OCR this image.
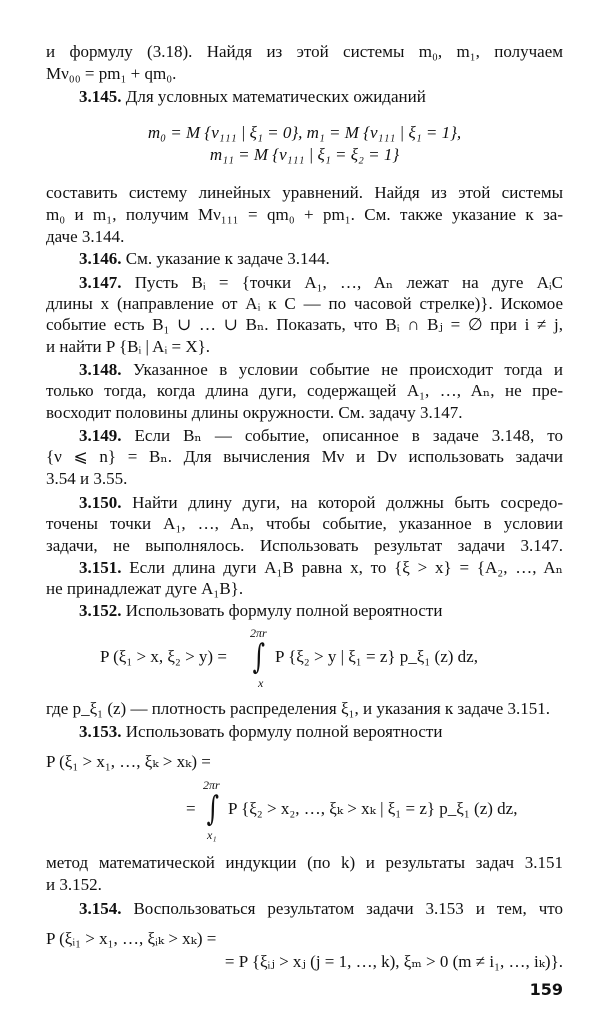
и формулу (3.18). Найдя из этой системы m₀, m₁, получаем
Mν₀₀ = pm₁ + qm₀.
3.145. Для условных математических ожиданий
m₀ = M {ν₁₁₁ | ξ₁ = 0}, m₁ = M {ν₁₁₁ | ξ₁ = 1},
m₁₁ = M {ν₁₁₁ | ξ₁ = ξ₂ = 1}
составить систему линейных уравнений. Найдя из этой системы
m₀ и m₁, получим Mν₁₁₁ = qm₀ + pm₁. См. также указание к за-
даче 3.144.
3.146. См. указание к задаче 3.144.
3.147. Пусть Bᵢ = {точки A₁, …, Aₙ лежат на дуге AᵢC
длины x (направление от Aᵢ к C — по часовой стрелке)}. Искомое
событие есть B₁ ∪ … ∪ Bₙ. Показать, что Bᵢ ∩ Bⱼ = ∅ при i ≠ j,
и найти P {Bᵢ | Aᵢ = X}.
3.148. Указанное в условии событие не происходит тогда и
только тогда, когда длина дуги, содержащей A₁, …, Aₙ, не пре-
восходит половины длины окружности. См. задачу 3.147.
3.149. Если Bₙ — событие, описанное в задаче 3.148, то
{ν ⩽ n} = Bₙ. Для вычисления Mν и Dν использовать задачи
3.54 и 3.55.
3.150. Найти длину дуги, на которой должны быть сосредо-
точены точки A₁, …, Aₙ, чтобы событие, указанное в условии
задачи, не выполнялось. Использовать результат задачи 3.147.
3.151. Если длина дуги A₁B равна x, то {ξ > x} = {A₂, …, Aₙ
не принадлежат дуге A₁B}.
3.152. Использовать формулу полной вероятности
P (ξ₁ > x, ξ₂ > y) =
2πr
∫
x
P {ξ₂ > y | ξ₁ = z} p_ξ₁ (z) dz,
где p_ξ₁ (z) — плотность распределения ξ₁, и указания к задаче 3.151.
3.153. Использовать формулу полной вероятности
P (ξ₁ > x₁, …, ξₖ > xₖ) =
2πr
= ∫
x₁
P {ξ₂ > x₂, …, ξₖ > xₖ | ξ₁ = z} p_ξ₁ (z) dz,
метод математической индукции (по k) и результаты задач 3.151
и 3.152.
3.154. Воспользоваться результатом задачи 3.153 и тем, что
P (ξᵢ₁ > x₁, …, ξᵢₖ > xₖ) =
= P {ξᵢⱼ > xⱼ (j = 1, …, k), ξₘ > 0 (m ≠ i₁, …, iₖ)}.
159
